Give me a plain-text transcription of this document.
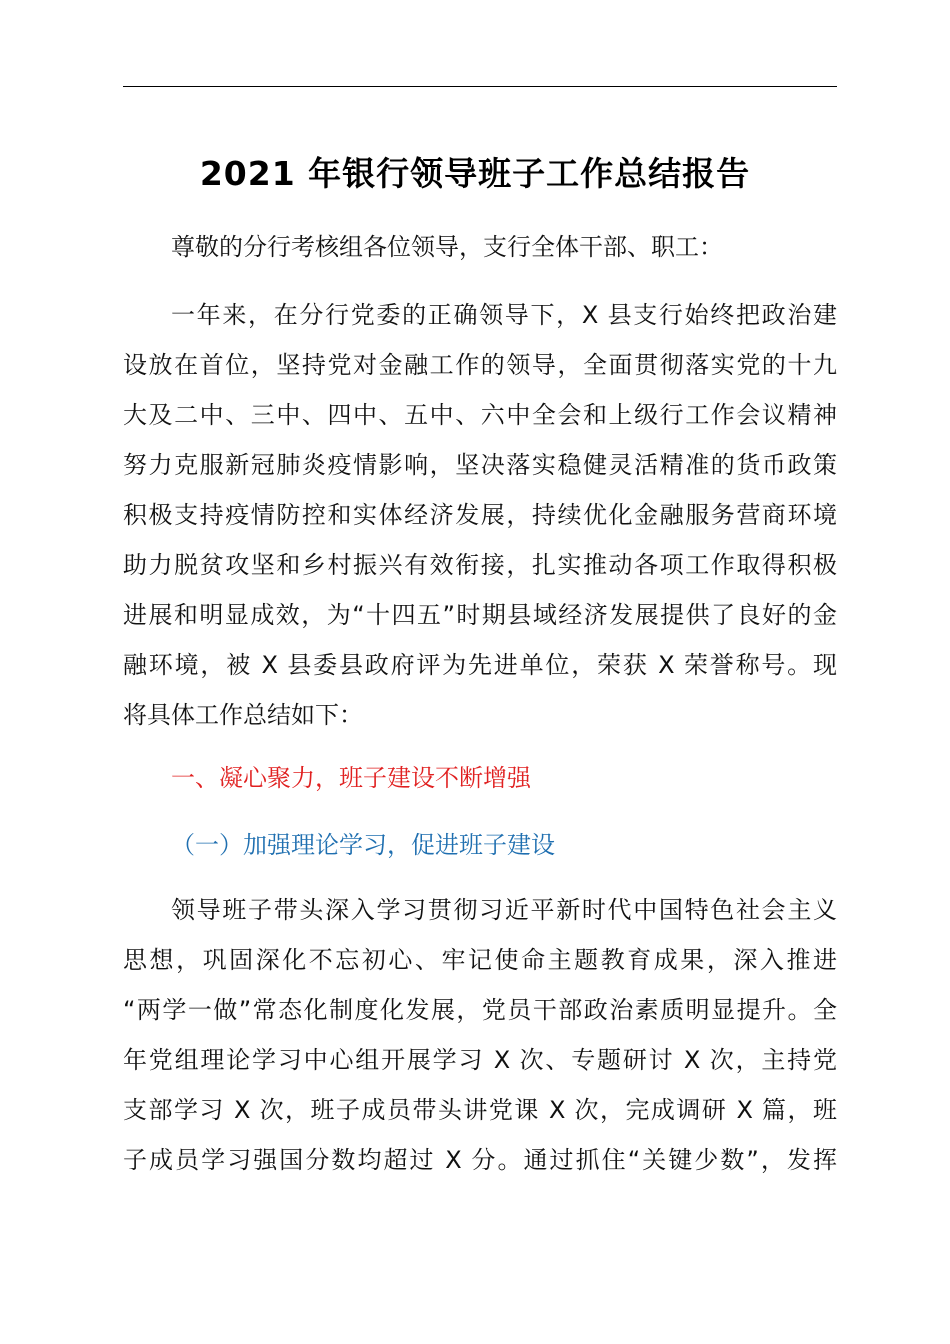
2021 年银行领导班子工作总结报告

尊敬的分行考核组各位领导，支行全体干部、职工：

一年来，在分行党委的正确领导下，X 县支行始终把政治建

设放在首位，坚持党对金融工作的领导，全面贯彻落实党的十九

大及二中、三中、四中、五中、六中全会和上级行工作会议精神

努力克服新冠肺炎疫情影响，坚决落实稳健灵活精准的货币政策

积极支持疫情防控和实体经济发展，持续优化金融服务营商环境

助力脱贫攻坚和乡村振兴有效衔接，扎实推动各项工作取得积极

进展和明显成效，为“十四五”时期县域经济发展提供了良好的金

融环境，被 X 县委县政府评为先进单位，荣获 X 荣誉称号。现

将具体工作总结如下：

一、凝心聚力，班子建设不断增强

（一）加强理论学习，促进班子建设

领导班子带头深入学习贯彻习近平新时代中国特色社会主义

思想，巩固深化不忘初心、牢记使命主题教育成果，深入推进

“两学一做”常态化制度化发展，党员干部政治素质明显提升。全

年党组理论学习中心组开展学习 X 次、专题研讨 X 次，主持党

支部学习 X 次，班子成员带头讲党课 X 次，完成调研 X 篇，班

子成员学习强国分数均超过 X 分。通过抓住“关键少数”，发挥
